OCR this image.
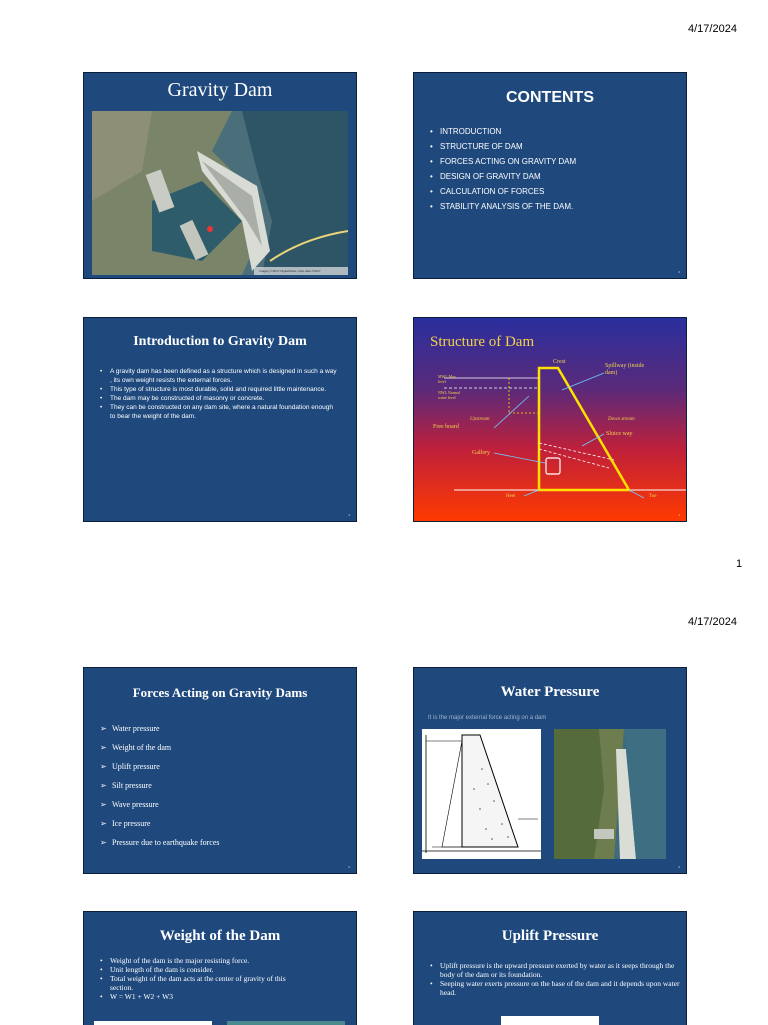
4/17/2024
Gravity Dam
Imagery ©2017 DigitalGlobe, Map data ©2017
CONTENTS
• INTRODUCTION
• STRUCTURE OF DAM
• FORCES ACTING ON GRAVITY DAM
• DESIGN OF GRAVITY DAM
• CALCULATION OF FORCES
• STABILITY ANALYSIS OF THE DAM.
2
Introduction to Gravity Dam
• A gravity dam has been defined as a structure which is designed in such a way , its own weight resists the external forces.
• This type of structure is most durable, solid and required little maintenance.
• The dam may be constructed of masonry or concrete.
• They can be constructed on any dam site, where a natural foundation enough to bear the weight of the dam.
3
Structure of Dam
Crest
Spillway (inside dam)
MWL Max. level
NWL Normal water level
Upstream	Down stream
Free board
Sluice way
Gallery
Heel	Toe
4
1
4/17/2024
Forces Acting on Gravity Dams
➢ Water pressure
➢ Weight of the dam
➢ Uplift pressure
➢ Silt pressure
➢ Wave pressure
➢ Ice pressure
➢ Pressure due to earthquake forces
5
Water Pressure
It is the major external force acting on a dam
6
Weight of the Dam
• Weight of the dam is the major resisting force.
• Unit length of the dam is consider.
• Total weight of the dam acts at the center of gravity of this section.
• W = W1 + W2 + W3
Uplift Pressure
• Uplift pressure is the upward pressure exerted by water as it seeps through the body of the dam or its foundation.
• Seeping water exerts pressure on the base of the dam and it depends upon water head.
